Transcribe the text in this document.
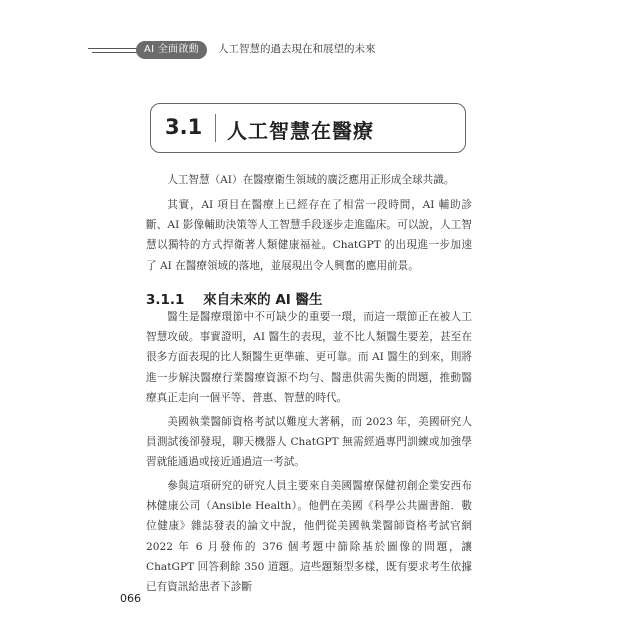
AI 全面啟動	人工智慧的過去現在和展望的未來
3.1 人工智慧在醫療

人工智慧（AI）在醫療衛生領域的廣泛應用正形成全球共識。

其實，AI 項目在醫療上已經存在了相當一段時間，AI 輔助診斷、AI 影像輔助決策等人工智慧手段逐步走進臨床。可以說，人工智慧以獨特的方式捍衛著人類健康福祉。ChatGPT 的出現進一步加速了 AI 在醫療領域的落地，並展現出令人興奮的應用前景。

3.1.1 來自未來的 AI 醫生

醫生是醫療環節中不可缺少的重要一環，而這一環節正在被人工智慧攻破。事實證明，AI 醫生的表現，並不比人類醫生要差，甚至在很多方面表現的比人類醫生更準確、更可靠。而 AI 醫生的到來，則將進一步解決醫療行業醫療資源不均勻、醫患供需失衡的問題，推動醫療真正走向一個平等、普惠、智慧的時代。

美國執業醫師資格考試以難度大著稱，而 2023 年，美國研究人員測試後卻發現，聊天機器人 ChatGPT 無需經過專門訓練或加強學習就能通過或接近通過這一考試。

參與這項研究的研究人員主要來自美國醫療保健初創企業安西布林健康公司（Ansible Health）。他們在美國《科學公共圖書館．數位健康》雜誌發表的論文中說，他們從美國執業醫師資格考試官網 2022 年 6 月發佈的 376 個考題中篩除基於圖像的問題，讓 ChatGPT 回答剩餘 350 道題。這些題類型多樣，既有要求考生依據已有資訊給患者下診斷

066
